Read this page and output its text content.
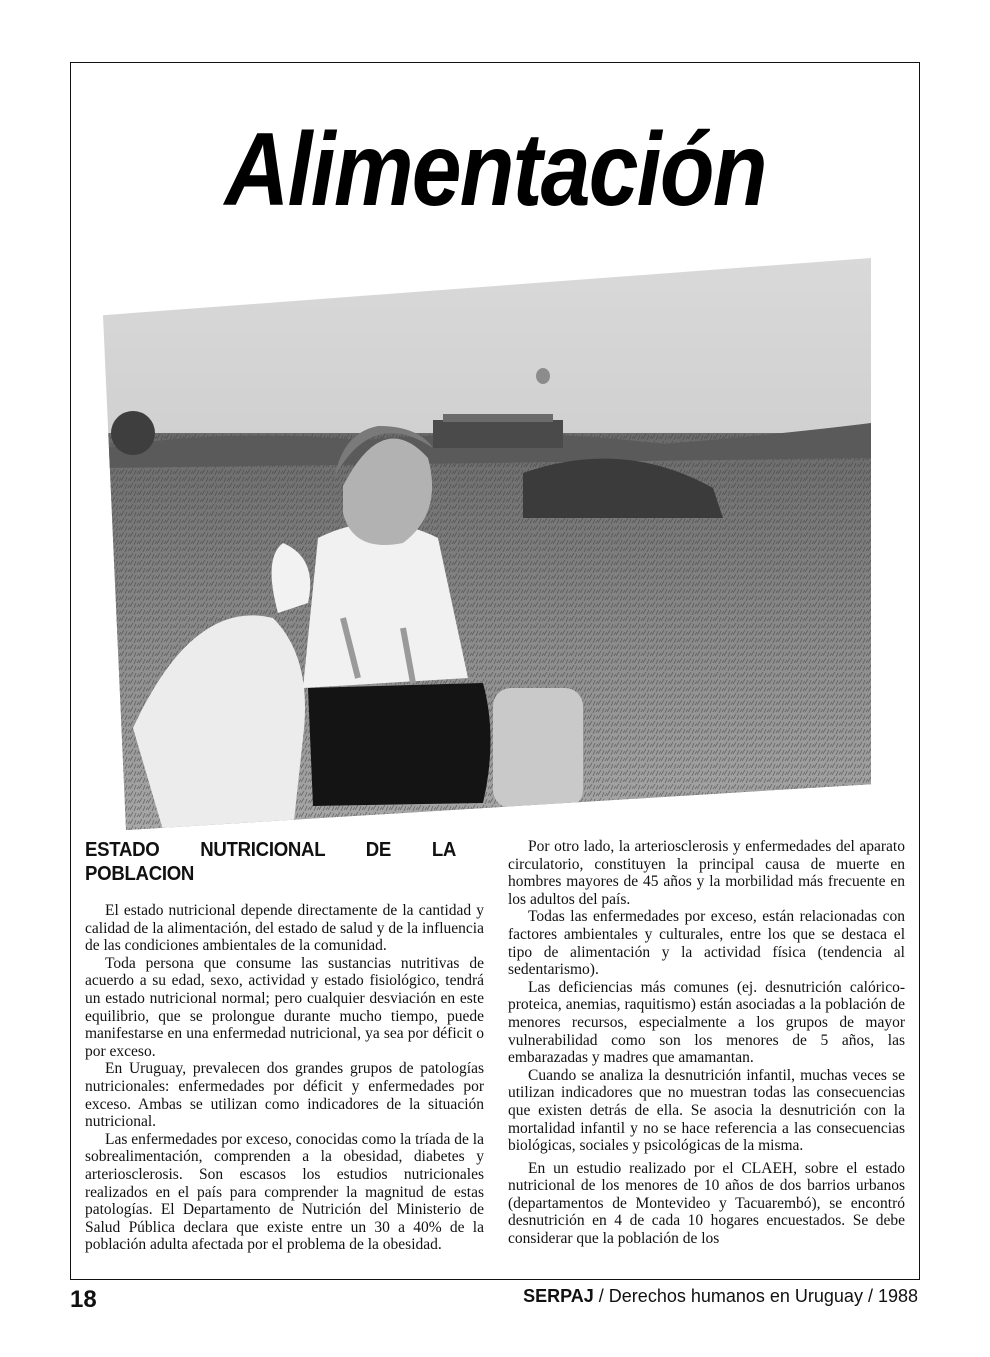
Alimentación

ESTADO NUTRICIONAL DE LA POBLACION

El estado nutricional depende directamente de la cantidad y calidad de la alimentación, del estado de salud y de la influencia de las condiciones ambientales de la comunidad.

Toda persona que consume las sustancias nutritivas de acuerdo a su edad, sexo, actividad y estado fisiológico, tendrá un estado nutricional normal; pero cualquier desviación en este equilibrio, que se prolongue durante mucho tiempo, puede manifestarse en una enfermedad nutricional, ya sea por déficit o por exceso.

En Uruguay, prevalecen dos grandes grupos de patologías nutricionales: enfermedades por déficit y enfermedades por exceso. Ambas se utilizan como indicadores de la situación nutricional.

Las enfermedades por exceso, conocidas como la tríada de la sobrealimentación, comprenden a la obesidad, diabetes y arteriosclerosis. Son escasos los estudios nutricionales realizados en el país para comprender la magnitud de estas patologías. El Departamento de Nutrición del Ministerio de Salud Pública declara que existe entre un 30 a 40% de la población adulta afectada por el problema de la obesidad.

Por otro lado, la arteriosclerosis y enfermedades del aparato circulatorio, constituyen la principal causa de muerte en hombres mayores de 45 años y la morbilidad más frecuente en los adultos del país.

Todas las enfermedades por exceso, están relacionadas con factores ambientales y culturales, entre los que se destaca el tipo de alimentación y la actividad física (tendencia al sedentarismo).

Las deficiencias más comunes (ej. desnutrición calórico-proteica, anemias, raquitismo) están asociadas a la población de menores recursos, especialmente a los grupos de mayor vulnerabilidad como son los menores de 5 años, las embarazadas y madres que amamantan.

Cuando se analiza la desnutrición infantil, muchas veces se utilizan indicadores que no muestran todas las consecuencias que existen detrás de ella. Se asocia la desnutrición con la mortalidad infantil y no se hace referencia a las consecuencias biológicas, sociales y psicológicas de la misma.

En un estudio realizado por el CLAEH, sobre el estado nutricional de los menores de 10 años de dos barrios urbanos (departamentos de Montevideo y Tacuarembó), se encontró desnutrición en 4 de cada 10 hogares encuestados. Se debe considerar que la población de los

18	SERPAJ / Derechos humanos en Uruguay / 1988
